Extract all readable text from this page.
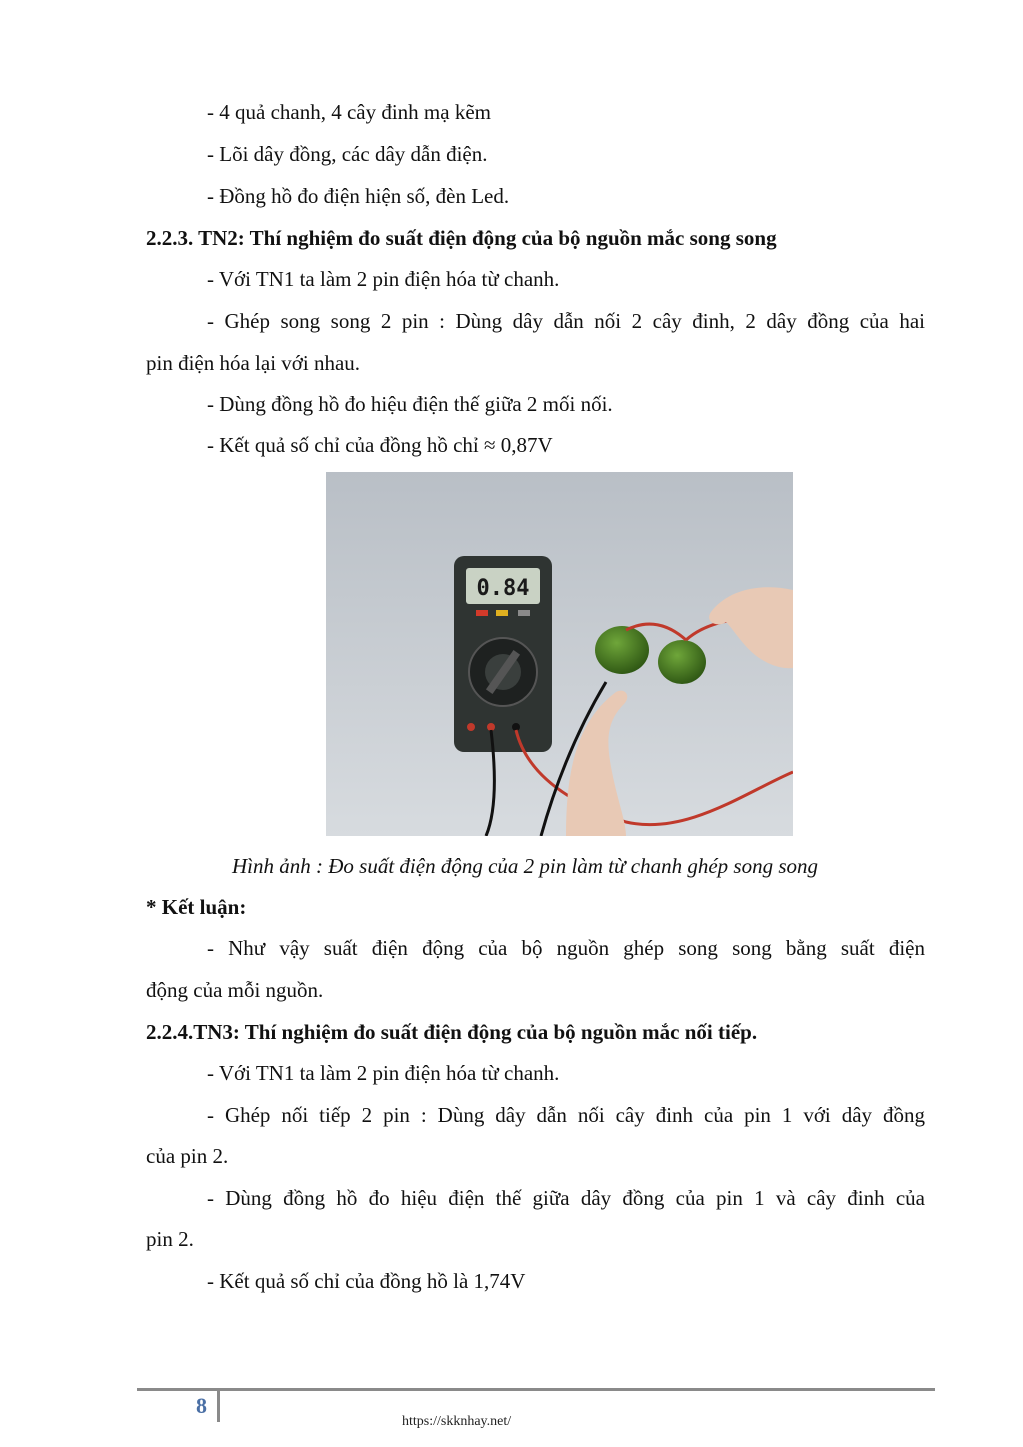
- 4 quả chanh, 4 cây đinh mạ kẽm
- Lõi dây đồng, các dây dẫn điện.
- Đồng hồ đo điện hiện số, đèn Led.
2.2.3. TN2: Thí nghiệm đo suất điện động của bộ nguồn mắc song song
- Với TN1 ta làm 2 pin điện hóa từ chanh.
- Ghép song song 2 pin : Dùng dây dẫn nối 2 cây đinh, 2 dây đồng của hai
pin điện hóa lại với nhau.
- Dùng đồng hồ đo hiệu điện thế giữa 2 mối nối.
- Kết quả số chỉ của đồng hồ chỉ ≈ 0,87V
0.84
Hình ảnh : Đo suất điện động của 2 pin làm từ chanh ghép song song
* Kết luận:
- Như vậy suất điện động của bộ nguồn ghép song song bằng suất điện
động của mỗi nguồn.
2.2.4.TN3: Thí nghiệm đo suất điện động của bộ nguồn mắc nối tiếp.
- Với TN1 ta làm 2 pin điện hóa từ chanh.
- Ghép nối tiếp 2 pin : Dùng dây dẫn nối cây đinh của pin 1 với dây đồng
của pin 2.
- Dùng đồng hồ đo hiệu điện thế giữa dây đồng của pin 1 và cây đinh của
pin 2.
- Kết quả số chỉ của đồng hồ là 1,74V
8
https://skknhay.net/
